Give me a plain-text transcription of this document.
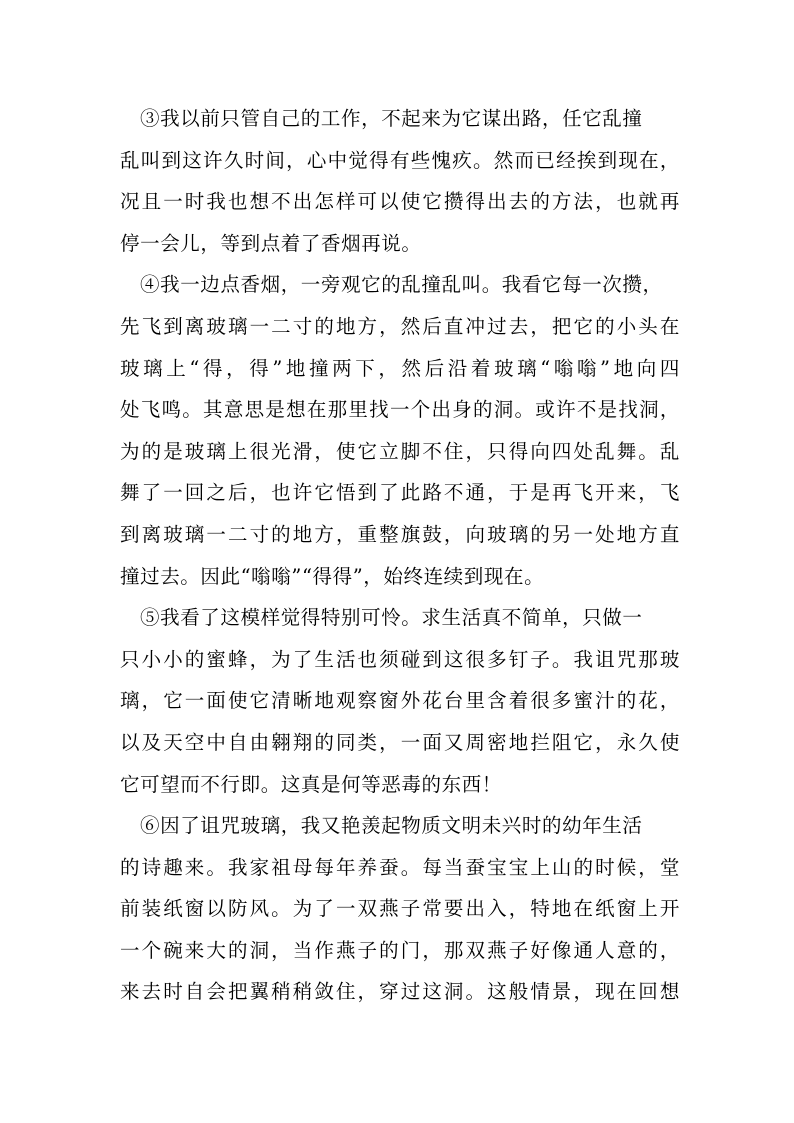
③我以前只管自己的工作，不起来为它谋出路，任它乱撞
乱叫到这许久时间，心中觉得有些愧疚。然而已经挨到现在，
况且一时我也想不出怎样可以使它攒得出去的方法，也就再
停一会儿，等到点着了香烟再说。
④我一边点香烟，一旁观它的乱撞乱叫。我看它每一次攒，
先飞到离玻璃一二寸的地方，然后直冲过去，把它的小头在
玻璃上“得，得”地撞两下，然后沿着玻璃“嗡嗡”地向四
处飞鸣。其意思是想在那里找一个出身的洞。或许不是找洞，
为的是玻璃上很光滑，使它立脚不住，只得向四处乱舞。乱
舞了一回之后，也许它悟到了此路不通，于是再飞开来，飞
到离玻璃一二寸的地方，重整旗鼓，向玻璃的另一处地方直
撞过去。因此“嗡嗡”“得得”，始终连续到现在。
⑤我看了这模样觉得特别可怜。求生活真不简单，只做一
只小小的蜜蜂，为了生活也须碰到这很多钉子。我诅咒那玻
璃，它一面使它清晰地观察窗外花台里含着很多蜜汁的花，
以及天空中自由翱翔的同类，一面又周密地拦阻它，永久使
它可望而不行即。这真是何等恶毒的东西！
⑥因了诅咒玻璃，我又艳羡起物质文明未兴时的幼年生活
的诗趣来。我家祖母每年养蚕。每当蚕宝宝上山的时候，堂
前装纸窗以防风。为了一双燕子常要出入，特地在纸窗上开
一个碗来大的洞，当作燕子的门，那双燕子好像通人意的，
来去时自会把翼稍稍敛住，穿过这洞。这般情景，现在回想
